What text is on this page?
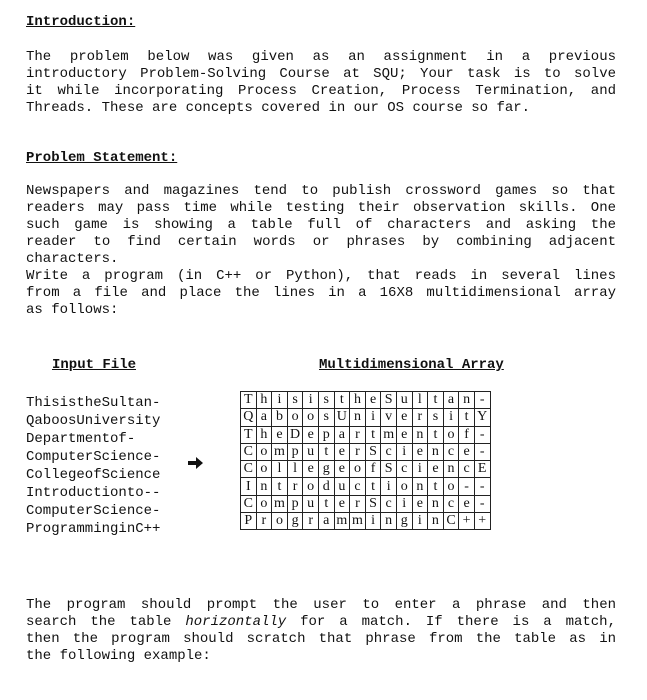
Introduction:
The problem below was given as an assignment in a previous
introductory Problem-Solving Course at SQU; Your task is to solve
it while incorporating Process Creation, Process Termination, and
Threads. These are concepts covered in our OS course so far.
Problem Statement:
Newspapers and magazines tend to publish crossword games so that
readers may pass time while testing their observation skills. One
such game is showing a table full of characters and asking the
reader to find certain words or phrases by combining adjacent
characters.
Write a program (in C++ or Python), that reads in several lines
from a file and place the lines in a 16X8 multidimensional array
as follows:
Input File	Multidimensional Array
ThisistheSultan-
QaboosUniversity
Departmentof-
ComputerScience-
CollegeofScience
Introductionto--
ComputerScience-
ProgramminginC++
T	h	i	s	i	s	t	h	e	S	u	l	t	a	n	-
Q	a	b	o	o	s	U	n	i	v	e	r	s	i	t	Y
T	h	e	D	e	p	a	r	t	m	e	n	t	o	f	-
C	o	m	p	u	t	e	r	S	c	i	e	n	c	e	-
C	o	l	l	e	g	e	o	f	S	c	i	e	n	c	E
I	n	t	r	o	d	u	c	t	i	o	n	t	o	-	-
C	o	m	p	u	t	e	r	S	c	i	e	n	c	e	-
P	r	o	g	r	a	m	m	i	n	g	i	n	C	+	+
The program should prompt the user to enter a phrase and then
search the table horizontally for a match. If there is a match,
then the program should scratch that phrase from the table as in
the following example:
